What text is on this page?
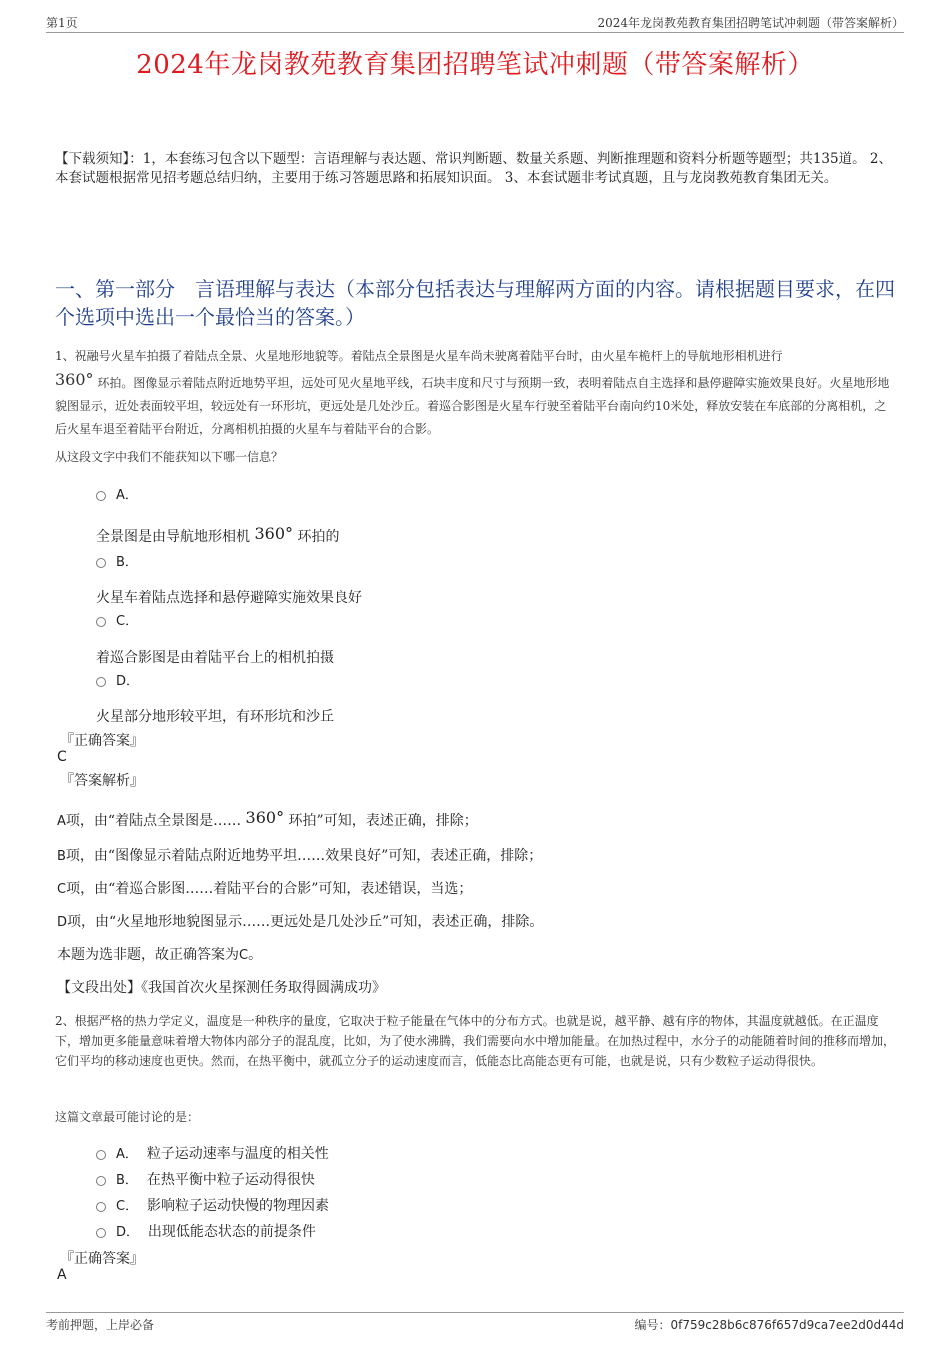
第1页	2024年龙岗教苑教育集团招聘笔试冲刺题（带答案解析）
2024年龙岗教苑教育集团招聘笔试冲刺题（带答案解析）
【下载须知】：1，本套练习包含以下题型：言语理解与表达题、常识判断题、数量关系题、判断推理题和资料分析题等题型；共135道。 2、本套试题根据常见招考题总结归纳，主要用于练习答题思路和拓展知识面。 3、本套试题非考试真题，且与龙岗教苑教育集团无关。
一、第一部分　言语理解与表达（本部分包括表达与理解两方面的内容。请根据题目要求，在四个选项中选出一个最恰当的答案。）
1、祝融号火星车拍摄了着陆点全景、火星地形地貌等。着陆点全景图是火星车尚未驶离着陆平台时，由火星车桅杆上的导航地形相机进行
360° 环拍。图像显示着陆点附近地势平坦，远处可见火星地平线，石块丰度和尺寸与预期一致，表明着陆点自主选择和悬停避障实施效果良好。火星地形地貌图显示，近处表面较平坦，较远处有一环形坑，更远处是几处沙丘。着巡合影图是火星车行驶至着陆平台南向约10米处，释放安装在车底部的分离相机，之后火星车退至着陆平台附近，分离相机拍摄的火星车与着陆平台的合影。
从这段文字中我们不能获知以下哪一信息？
A．
全景图是由导航地形相机 360° 环拍的
B．
火星车着陆点选择和悬停避障实施效果良好
C．
着巡合影图是由着陆平台上的相机拍摄
D．
火星部分地形较平坦，有环形坑和沙丘
『正确答案』
C
『答案解析』
A项，由“着陆点全景图是…… 360° 环拍”可知，表述正确，排除；
B项，由“图像显示着陆点附近地势平坦……效果良好”可知，表述正确，排除；
C项，由“着巡合影图……着陆平台的合影”可知，表述错误，当选；
D项，由“火星地形地貌图显示……更远处是几处沙丘”可知，表述正确，排除。
本题为选非题，故正确答案为C。
【文段出处】《我国首次火星探测任务取得圆满成功》
2、根据严格的热力学定义，温度是一种秩序的量度，它取决于粒子能量在气体中的分布方式。也就是说，越平静、越有序的物体，其温度就越低。在正温度下，增加更多能量意味着增大物体内部分子的混乱度，比如，为了使水沸腾，我们需要向水中增加能量。在加热过程中，水分子的动能随着时间的推移而增加，它们平均的移动速度也更快。然而，在热平衡中，就孤立分子的运动速度而言，低能态比高能态更有可能，也就是说，只有少数粒子运动得很快。
这篇文章最可能讨论的是：
A． 粒子运动速率与温度的相关性
B． 在热平衡中粒子运动得很快
C． 影响粒子运动快慢的物理因素
D． 出现低能态状态的前提条件
『正确答案』
A
考前押题，上岸必备	编号：0f759c28b6c876f657d9ca7ee2d0d44d
